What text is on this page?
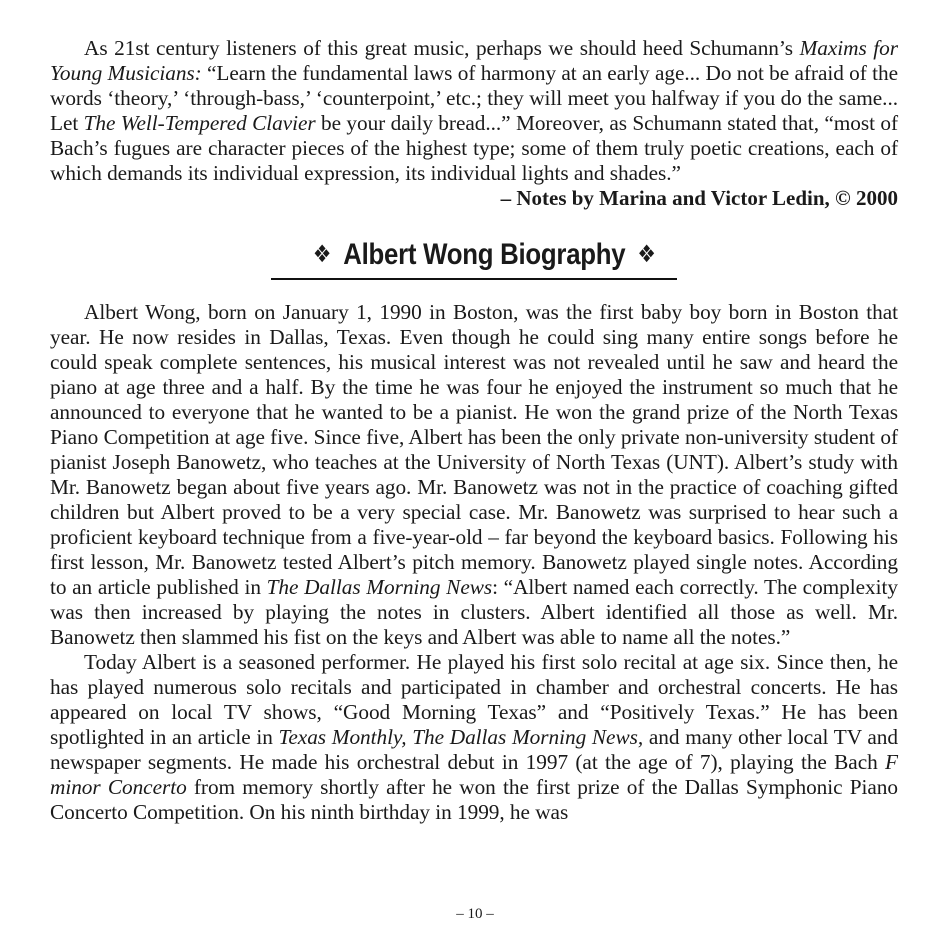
As 21st century listeners of this great music, perhaps we should heed Schumann’s Maxims for Young Musicians: “Learn the fundamental laws of harmony at an early age... Do not be afraid of the words ‘theory,’ ‘through-bass,’ ‘counterpoint,’ etc.; they will meet you halfway if you do the same... Let The Well-Tempered Clavier be your daily bread...” Moreover, as Schumann stated that, “most of Bach’s fugues are character pieces of the highest type; some of them truly poetic creations, each of which demands its individual expression, its individual lights and shades.”

– Notes by Marina and Victor Ledin, © 2000
❖ Albert Wong Biography ❖

Albert Wong, born on January 1, 1990 in Boston, was the first baby boy born in Boston that year. He now resides in Dallas, Texas. Even though he could sing many entire songs before he could speak complete sentences, his musical interest was not revealed until he saw and heard the piano at age three and a half. By the time he was four he enjoyed the instrument so much that he announced to everyone that he wanted to be a pianist. He won the grand prize of the North Texas Piano Competition at age five. Since five, Albert has been the only private non-university student of pianist Joseph Banowetz, who teaches at the University of North Texas (UNT). Albert’s study with Mr. Banowetz began about five years ago. Mr. Banowetz was not in the practice of coaching gifted children but Albert proved to be a very special case. Mr. Banowetz was surprised to hear such a proficient keyboard technique from a five-year-old – far beyond the keyboard basics. Following his first lesson, Mr. Banowetz tested Albert’s pitch memory. Banowetz played single notes. According to an article published in The Dallas Morning News: “Albert named each correctly. The complexity was then increased by playing the notes in clusters. Albert identified all those as well. Mr. Banowetz then slammed his fist on the keys and Albert was able to name all the notes.”

Today Albert is a seasoned performer. He played his first solo recital at age six. Since then, he has played numerous solo recitals and participated in chamber and orchestral concerts. He has appeared on local TV shows, “Good Morning Texas” and “Positively Texas.” He has been spotlighted in an article in Texas Monthly, The Dallas Morning News, and many other local TV and newspaper segments. He made his orchestral debut in 1997 (at the age of 7), playing the Bach F minor Concerto from memory shortly after he won the first prize of the Dallas Symphonic Piano Concerto Competition. On his ninth birthday in 1999, he was

– 10 –
